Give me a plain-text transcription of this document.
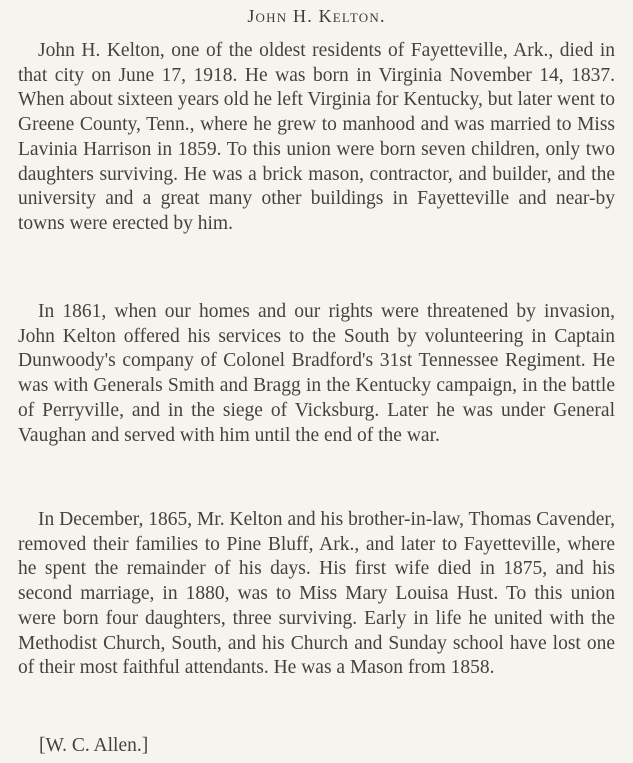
John H. Kelton.

John H. Kelton, one of the oldest residents of Fayetteville, Ark., died in that city on June 17, 1918. He was born in Virginia November 14, 1837. When about sixteen years old he left Virginia for Kentucky, but later went to Greene County, Tenn., where he grew to manhood and was married to Miss Lavinia Harrison in 1859. To this union were born seven children, only two daughters surviving. He was a brick mason, contractor, and builder, and the university and a great many other buildings in Fayetteville and near-by towns were erected by him.

In 1861, when our homes and our rights were threatened by invasion, John Kelton offered his services to the South by volunteering in Captain Dunwoody's company of Colonel Bradford's 31st Tennessee Regiment. He was with Generals Smith and Bragg in the Kentucky campaign, in the battle of Perryville, and in the siege of Vicksburg. Later he was under General Vaughan and served with him until the end of the war.

In December, 1865, Mr. Kelton and his brother-in-law, Thomas Cavender, removed their families to Pine Bluff, Ark., and later to Fayetteville, where he spent the remainder of his days. His first wife died in 1875, and his second marriage, in 1880, was to Miss Mary Louisa Hust. To this union were born four daughters, three surviving. Early in life he united with the Methodist Church, South, and his Church and Sunday school have lost one of their most faithful attendants. He was a Mason from 1858.

[W. C. Allen.]
